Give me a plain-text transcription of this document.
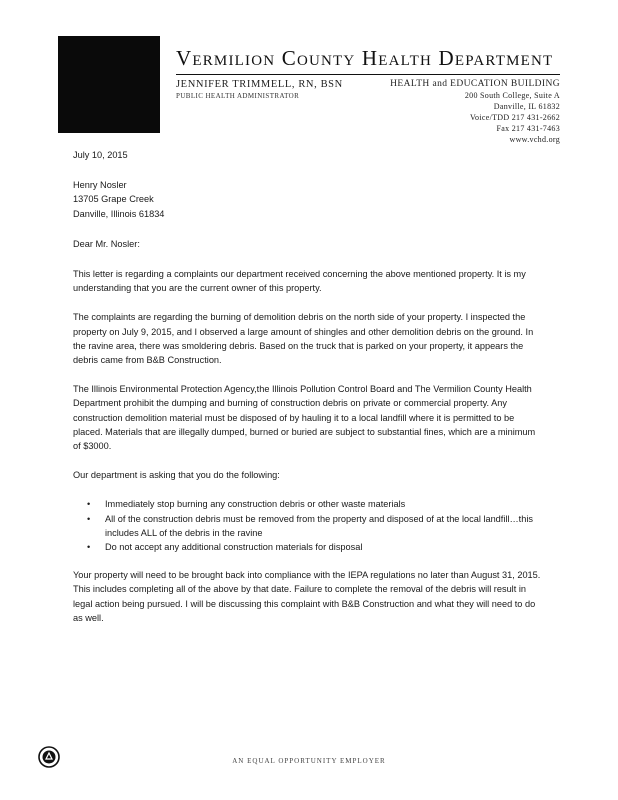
Vermilion County Health Department
JENNIFER TRIMMELL, RN, BSN
PUBLIC HEALTH ADMINISTRATOR
HEALTH and EDUCATION BUILDING
200 South College, Suite A
Danville, IL 61832
Voice/TDD 217 431-2662
Fax 217 431-7463
www.vchd.org

July 10, 2015

Henry Nosler
13705 Grape Creek
Danville, Illinois 61834

Dear Mr. Nosler:

This letter is regarding a complaints our department received concerning the above mentioned property. It is my understanding that you are the current owner of this property.

The complaints are regarding the burning of demolition debris on the north side of your property. I inspected the property on July 9, 2015, and I observed a large amount of shingles and other demolition debris on the ground. In the ravine area, there was smoldering debris. Based on the truck that is parked on your property, it appears the debris came from B&B Construction.

The Illinois Environmental Protection Agency,the Illinois Pollution Control Board and The Vermilion County Health Department prohibit the dumping and burning of construction debris on private or commercial property. Any construction demolition material must be disposed of by hauling it to a local landfill where it is permitted to be placed. Materials that are illegally dumped, burned or buried are subject to substantial fines, which are a minimum of $3000.

Our department is asking that you do the following:

• Immediately stop burning any construction debris or other waste materials
• All of the construction debris must be removed from the property and disposed of at the local landfill…this includes ALL of the debris in the ravine
• Do not accept any additional construction materials for disposal

Your property will need to be brought back into compliance with the IEPA regulations no later than August 31, 2015. This includes completing all of the above by that date. Failure to complete the removal of the debris will result in legal action being pursued. I will be discussing this complaint with B&B Construction and what they will need to do as well.

AN EQUAL OPPORTUNITY EMPLOYER
